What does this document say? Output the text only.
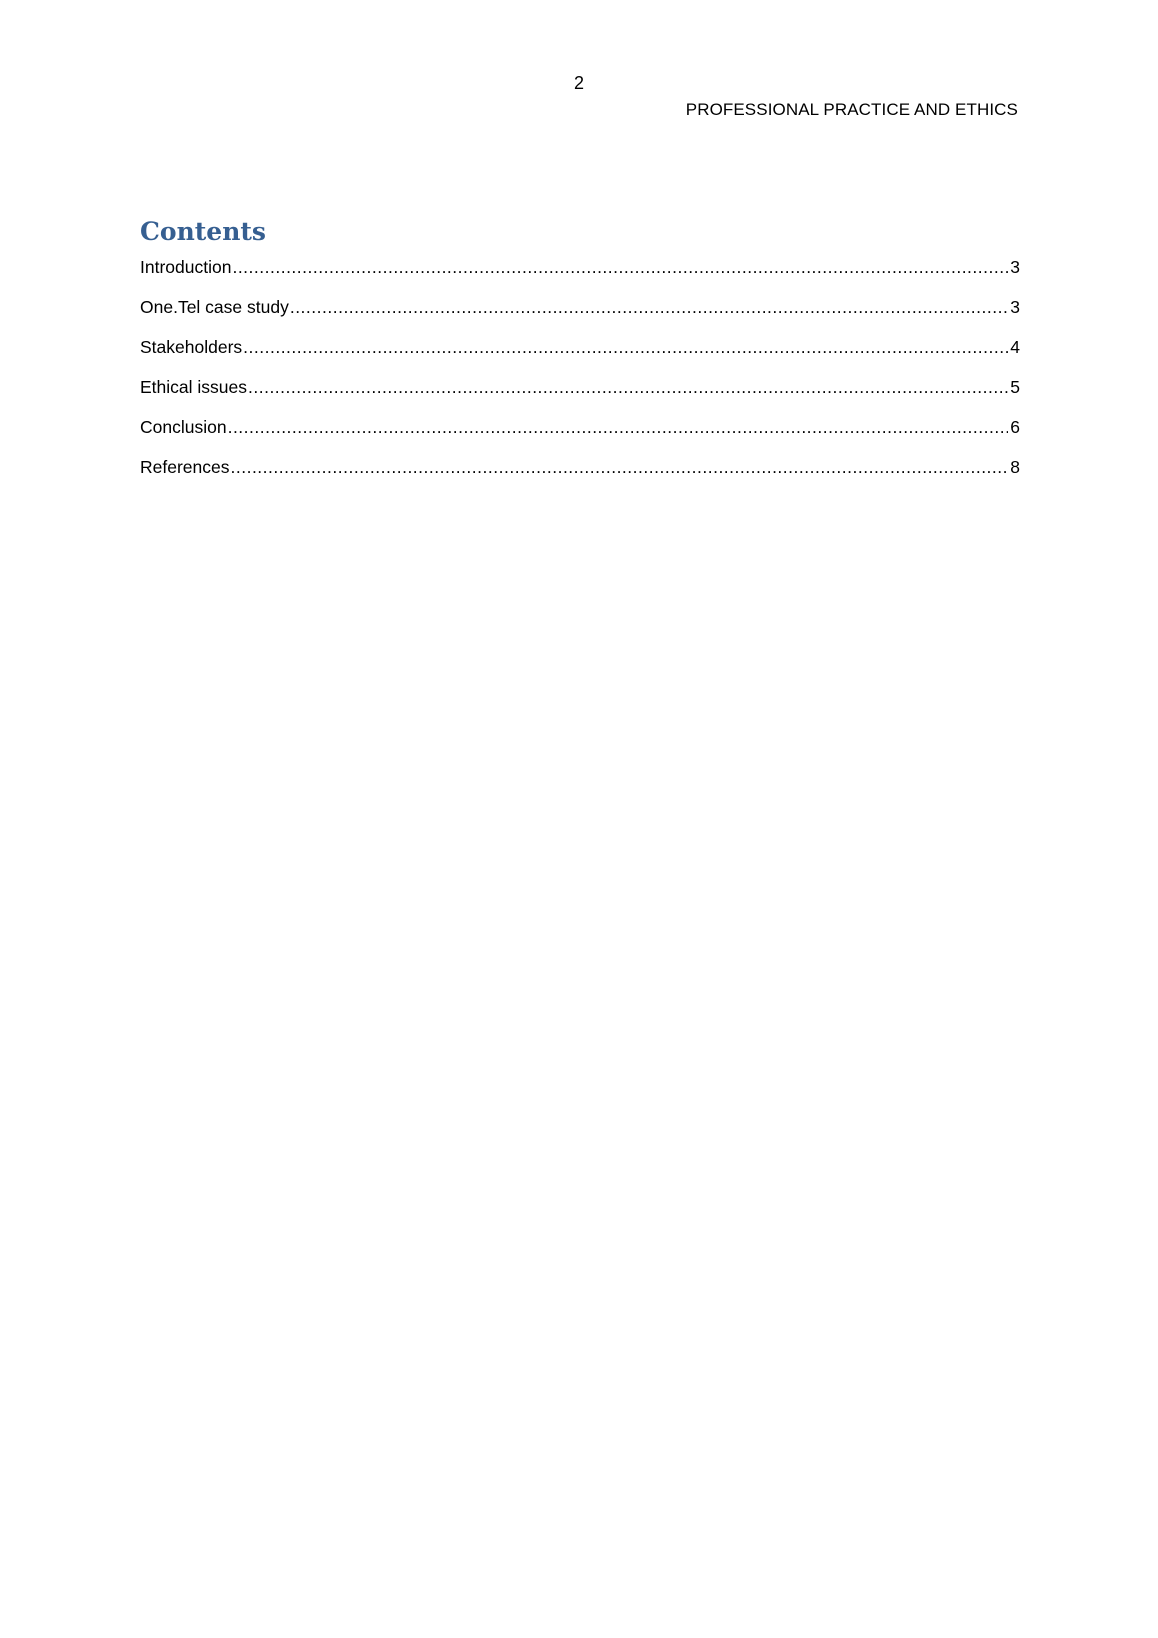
2
PROFESSIONAL PRACTICE AND ETHICS
Contents
Introduction .....	3
One.Tel case study .....	3
Stakeholders .....	4
Ethical issues .....	5
Conclusion .....	6
References .....	8
